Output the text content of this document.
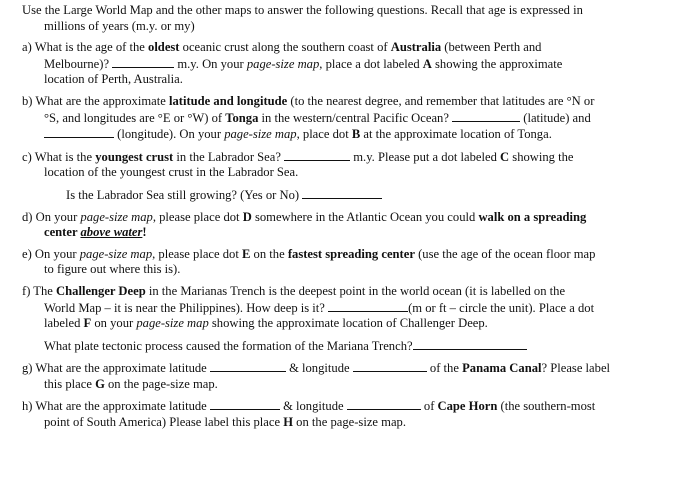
Use the Large World Map and the other maps to answer the following questions. Recall that age is expressed in
millions of years (m.y. or my)

a) What is the age of the oldest oceanic crust along the southern coast of Australia (between Perth and
Melbourne)?	m.y. On your page-size map, place a dot labeled A showing the approximate
location of Perth, Australia.

b) What are the approximate latitude and longitude (to the nearest degree, and remember that latitudes are °N or
°S, and longitudes are °E or °W) of Tonga in the western/central Pacific Ocean?	(latitude) and
(longitude). On your page-size map, place dot B at the approximate location of Tonga.

c) What is the youngest crust in the Labrador Sea?	m.y. Please put a dot labeled C showing the
location of the youngest crust in the Labrador Sea.

Is the Labrador Sea still growing? (Yes or No)

d) On your page-size map, please place dot D somewhere in the Atlantic Ocean you could walk on a spreading
center above water!

e) On your page-size map, please place dot E on the fastest spreading center (use the age of the ocean floor map
to figure out where this is).

f) The Challenger Deep in the Marianas Trench is the deepest point in the world ocean (it is labelled on the
World Map – it is near the Philippines). How deep is it?	(m or ft – circle the unit). Place a dot
labeled F on your page-size map showing the approximate location of Challenger Deep.

What plate tectonic process caused the formation of the Mariana Trench?

g) What are the approximate latitude	& longitude	of the Panama Canal? Please label
this place G on the page-size map.

h) What are the approximate latitude	& longitude	of Cape Horn (the southern-most
point of South America) Please label this place H on the page-size map.
